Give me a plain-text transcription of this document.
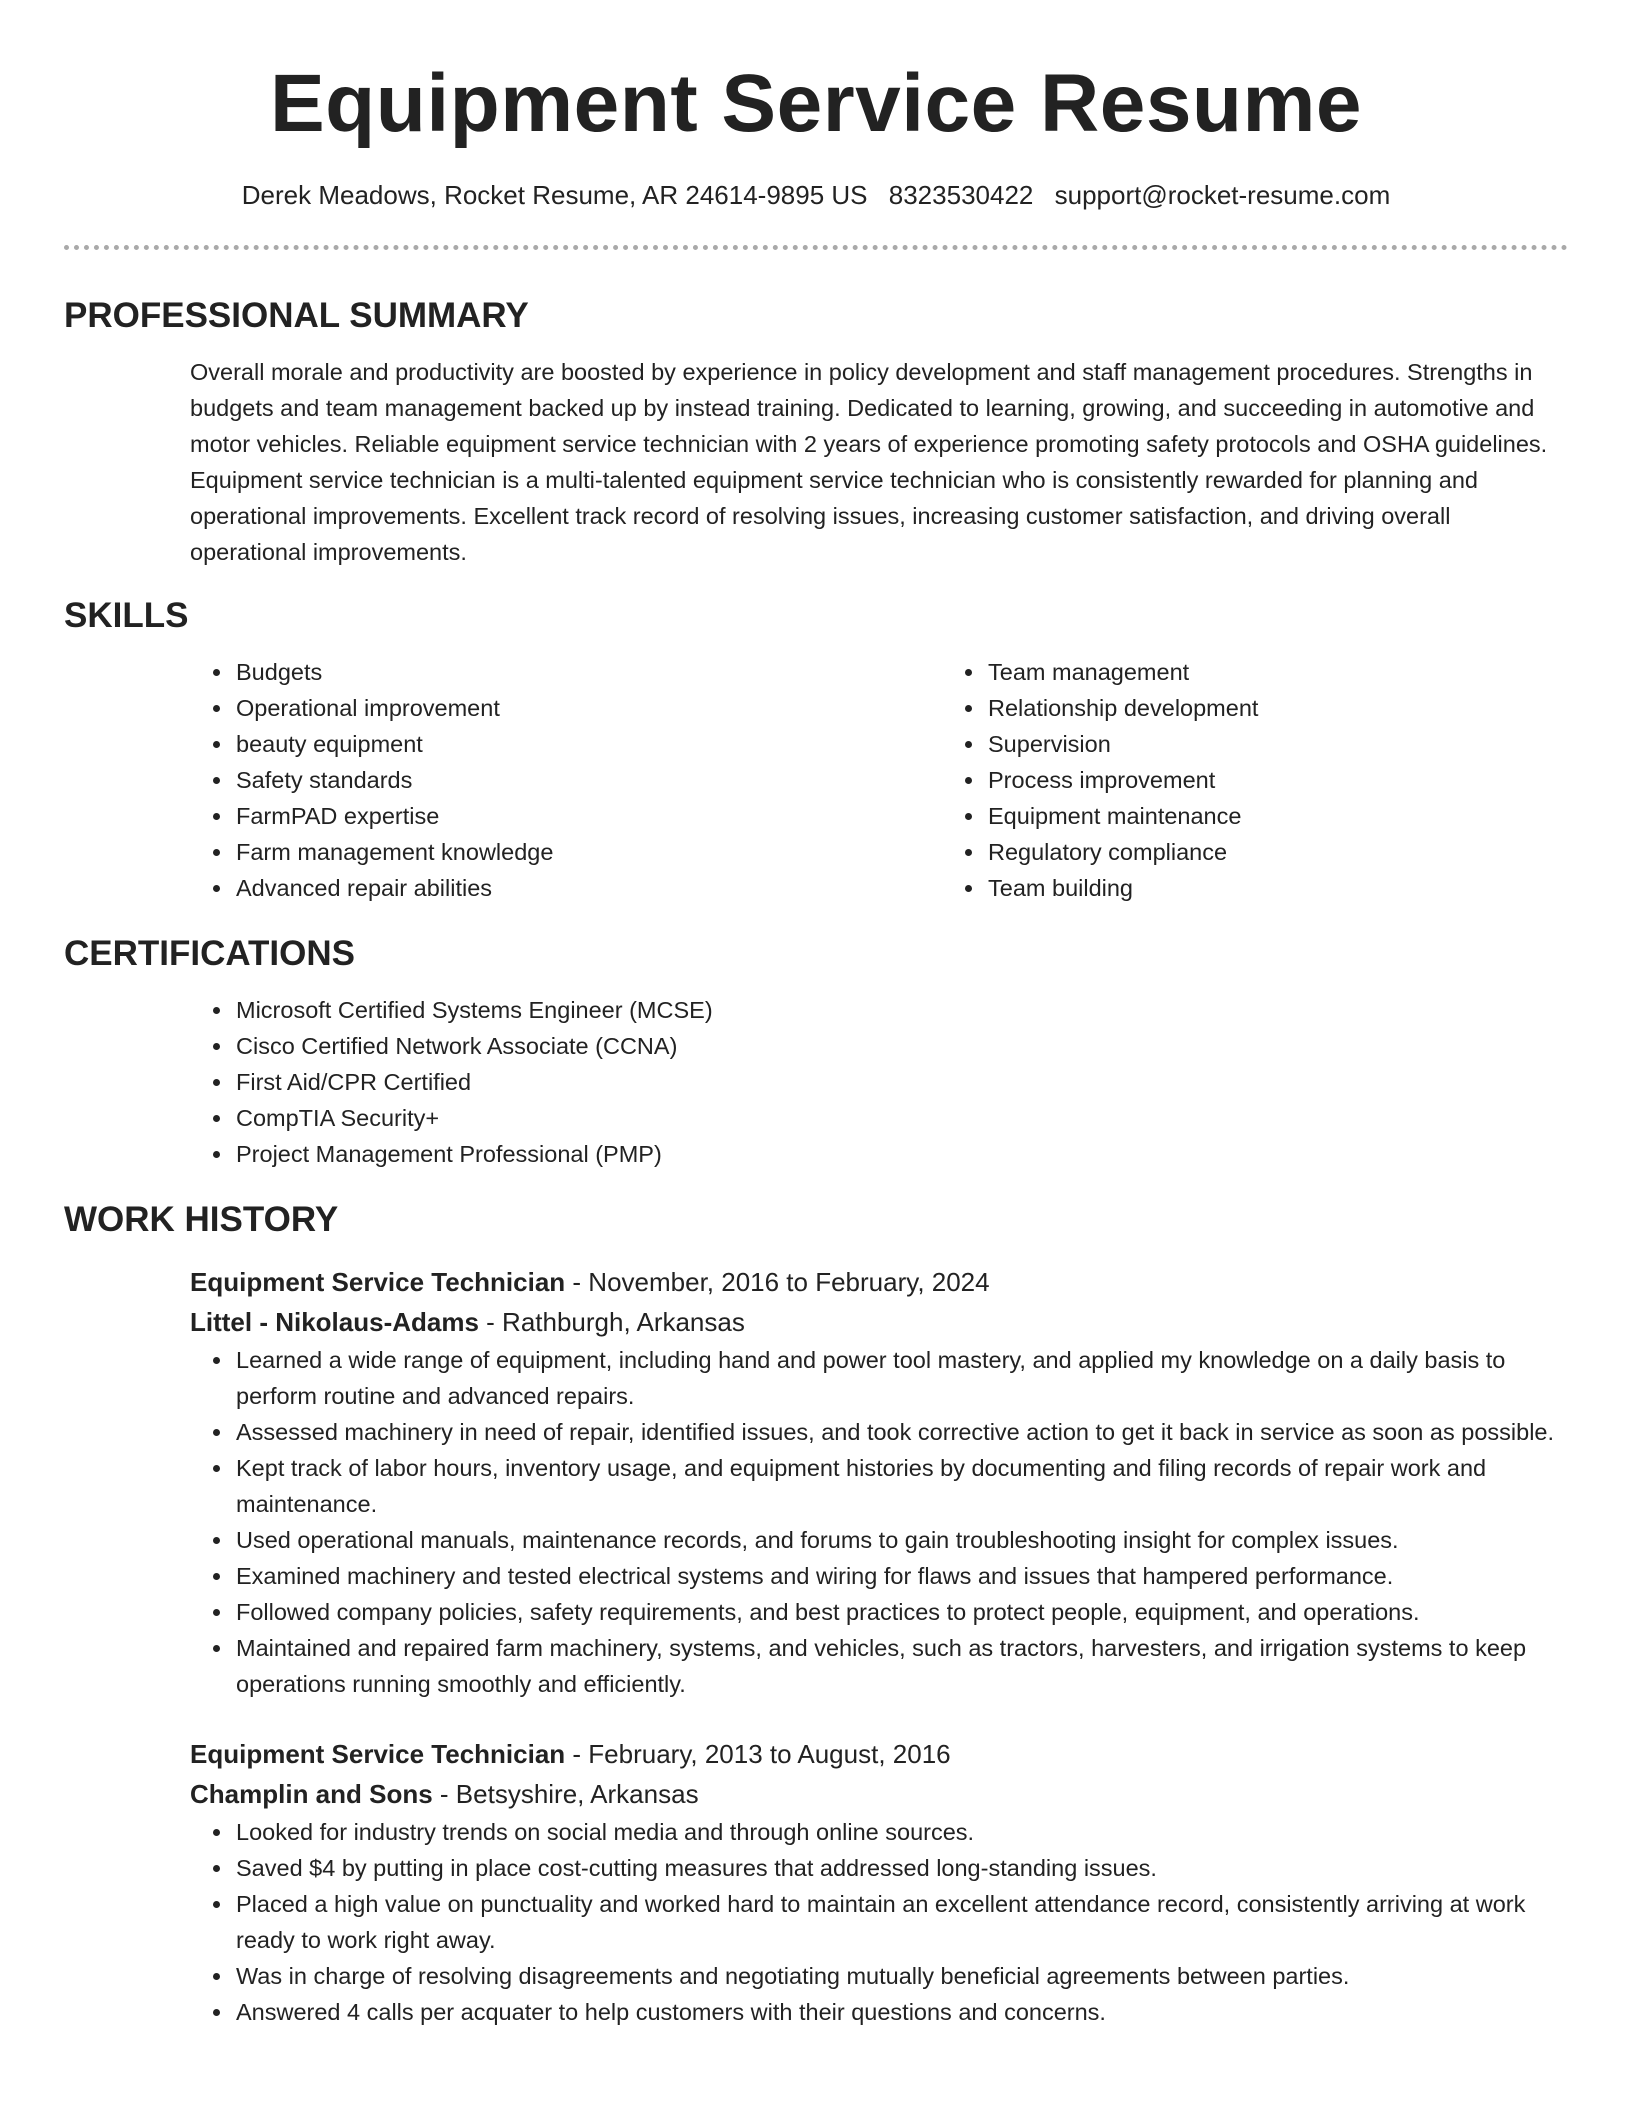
Equipment Service Resume
Derek Meadows, Rocket Resume, AR 24614-9895 US 8323530422 support@rocket-resume.com
PROFESSIONAL SUMMARY

Overall morale and productivity are boosted by experience in policy development and staff management procedures. Strengths in budgets and team management backed up by instead training. Dedicated to learning, growing, and succeeding in automotive and motor vehicles. Reliable equipment service technician with 2 years of experience promoting safety protocols and OSHA guidelines. Equipment service technician is a multi-talented equipment service technician who is consistently rewarded for planning and operational improvements. Excellent track record of resolving issues, increasing customer satisfaction, and driving overall operational improvements.

SKILLS
• Budgets
• Operational improvement
• beauty equipment
• Safety standards
• FarmPAD expertise
• Farm management knowledge
• Advanced repair abilities
• Team management
• Relationship development
• Supervision
• Process improvement
• Equipment maintenance
• Regulatory compliance
• Team building
CERTIFICATIONS
• Microsoft Certified Systems Engineer (MCSE)
• Cisco Certified Network Associate (CCNA)
• First Aid/CPR Certified
• CompTIA Security+
• Project Management Professional (PMP)
WORK HISTORY
Equipment Service Technician - November, 2016 to February, 2024
Littel - Nikolaus-Adams - Rathburgh, Arkansas
• Learned a wide range of equipment, including hand and power tool mastery, and applied my knowledge on a daily basis to perform routine and advanced repairs.
• Assessed machinery in need of repair, identified issues, and took corrective action to get it back in service as soon as possible.
• Kept track of labor hours, inventory usage, and equipment histories by documenting and filing records of repair work and maintenance.
• Used operational manuals, maintenance records, and forums to gain troubleshooting insight for complex issues.
• Examined machinery and tested electrical systems and wiring for flaws and issues that hampered performance.
• Followed company policies, safety requirements, and best practices to protect people, equipment, and operations.
• Maintained and repaired farm machinery, systems, and vehicles, such as tractors, harvesters, and irrigation systems to keep operations running smoothly and efficiently.
Equipment Service Technician - February, 2013 to August, 2016
Champlin and Sons - Betsyshire, Arkansas
• Looked for industry trends on social media and through online sources.
• Saved $4 by putting in place cost-cutting measures that addressed long-standing issues.
• Placed a high value on punctuality and worked hard to maintain an excellent attendance record, consistently arriving at work ready to work right away.
• Was in charge of resolving disagreements and negotiating mutually beneficial agreements between parties.
• Answered 4 calls per acquater to help customers with their questions and concerns.
